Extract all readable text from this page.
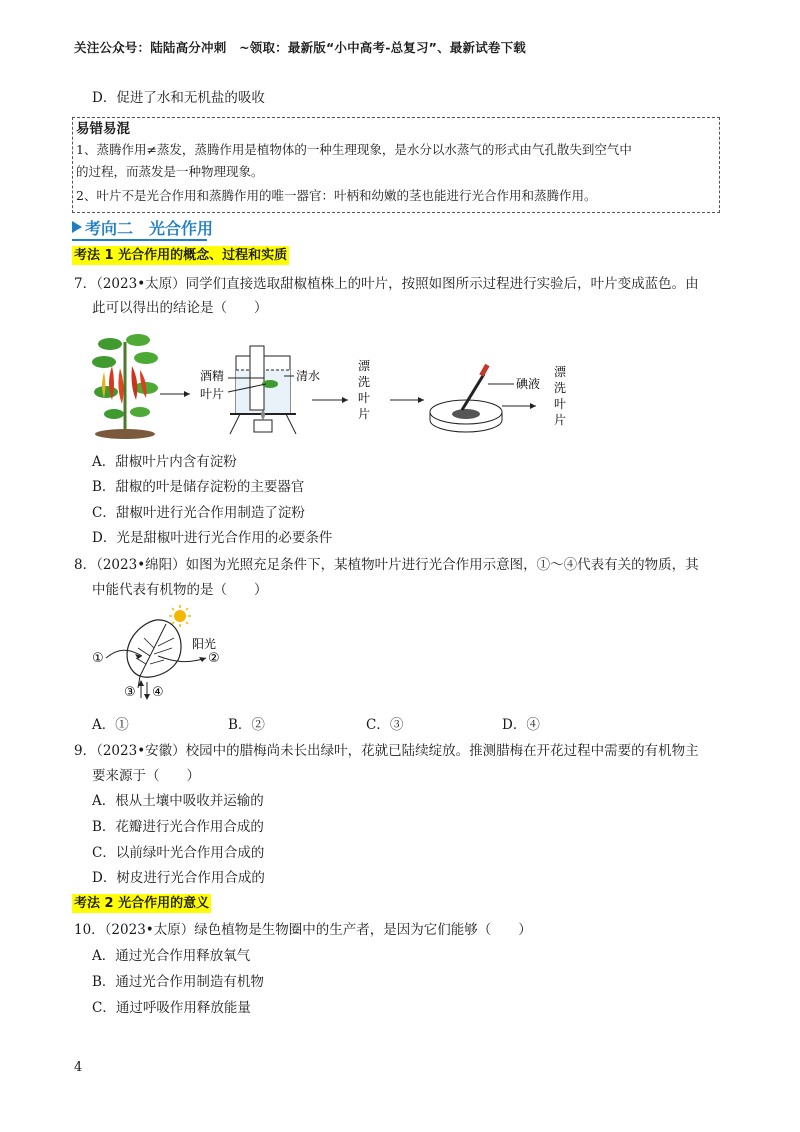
关注公众号：陆陆高分冲刺　~领取：最新版“小中高考-总复习”、最新试卷下载
D．促进了水和无机盐的吸收
易错易混
1、蒸腾作用≠蒸发，蒸腾作用是植物体的一种生理现象，是水分以水蒸气的形式由气孔散失到空气中
的过程，而蒸发是一种物理现象。
2、叶片不是光合作用和蒸腾作用的唯一器官：叶柄和幼嫩的茎也能进行光合作用和蒸腾作用。
考向二　光合作用
考法 1 光合作用的概念、过程和实质
7．（2023•太原）同学们直接选取甜椒植株上的叶片，按照如图所示过程进行实验后，叶片变成蓝色。由
此可以得出的结论是（　　）
酒精
叶片
清水
漂
洗
叶
片
碘液
漂
洗
叶
片
A．甜椒叶片内含有淀粉
B．甜椒的叶是储存淀粉的主要器官
C．甜椒叶进行光合作用制造了淀粉
D．光是甜椒叶进行光合作用的必要条件
8．（2023•绵阳）如图为光照充足条件下，某植物叶片进行光合作用示意图，①～④代表有关的物质，其
中能代表有机物的是（　　）
①
阳光
②
③ ④
A．①	B．②	C．③	D．④
9．（2023•安徽）校园中的腊梅尚未长出绿叶，花就已陆续绽放。推测腊梅在开花过程中需要的有机物主
要来源于（　　）
A．根从土壤中吸收并运输的
B．花瓣进行光合作用合成的
C．以前绿叶光合作用合成的
D．树皮进行光合作用合成的
考法 2 光合作用的意义
10．（2023•太原）绿色植物是生物圈中的生产者，是因为它们能够（　　）
A．通过光合作用释放氧气
B．通过光合作用制造有机物
C．通过呼吸作用释放能量
4
